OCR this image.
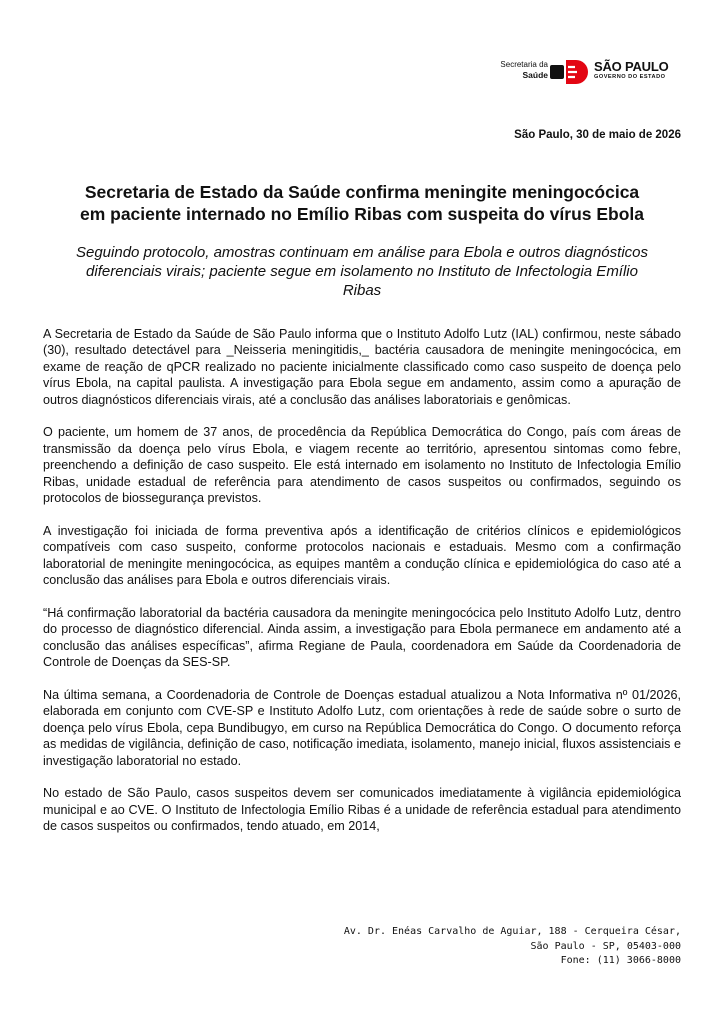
Secretaria da
Saúde
SÃO PAULO
GOVERNO DO ESTADO
São Paulo, 30 de maio de 2026
Secretaria de Estado da Saúde confirma meningite meningocócica
em paciente internado no Emílio Ribas com suspeita do vírus Ebola
Seguindo protocolo, amostras continuam em análise para Ebola e outros diagnósticos diferenciais virais; paciente segue em isolamento no Instituto de Infectologia Emílio Ribas

A Secretaria de Estado da Saúde de São Paulo informa que o Instituto Adolfo Lutz (IAL) confirmou, neste sábado (30), resultado detectável para _Neisseria meningitidis,_ bactéria causadora de meningite meningocócica, em exame de reação de qPCR realizado no paciente inicialmente classificado como caso suspeito de doença pelo vírus Ebola, na capital paulista. A investigação para Ebola segue em andamento, assim como a apuração de outros diagnósticos diferenciais virais, até a conclusão das análises laboratoriais e genômicas.

O paciente, um homem de 37 anos, de procedência da República Democrática do Congo, país com áreas de transmissão da doença pelo vírus Ebola, e viagem recente ao território, apresentou sintomas como febre, preenchendo a definição de caso suspeito. Ele está internado em isolamento no Instituto de Infectologia Emílio Ribas, unidade estadual de referência para atendimento de casos suspeitos ou confirmados, seguindo os protocolos de biossegurança previstos.

A investigação foi iniciada de forma preventiva após a identificação de critérios clínicos e epidemiológicos compatíveis com caso suspeito, conforme protocolos nacionais e estaduais. Mesmo com a confirmação laboratorial de meningite meningocócica, as equipes mantêm a condução clínica e epidemiológica do caso até a conclusão das análises para Ebola e outros diferenciais virais.

“Há confirmação laboratorial da bactéria causadora da meningite meningocócica pelo Instituto Adolfo Lutz, dentro do processo de diagnóstico diferencial. Ainda assim, a investigação para Ebola permanece em andamento até a conclusão das análises específicas”, afirma Regiane de Paula, coordenadora em Saúde da Coordenadoria de Controle de Doenças da SES-SP.

Na última semana, a Coordenadoria de Controle de Doenças estadual atualizou a Nota Informativa nº 01/2026, elaborada em conjunto com CVE-SP e Instituto Adolfo Lutz, com orientações à rede de saúde sobre o surto de doença pelo vírus Ebola, cepa Bundibugyo, em curso na República Democrática do Congo. O documento reforça as medidas de vigilância, definição de caso, notificação imediata, isolamento, manejo inicial, fluxos assistenciais e investigação laboratorial no estado.

No estado de São Paulo, casos suspeitos devem ser comunicados imediatamente à vigilância epidemiológica municipal e ao CVE. O Instituto de Infectologia Emílio Ribas é a unidade de referência estadual para atendimento de casos suspeitos ou confirmados, tendo atuado, em 2014,

Av. Dr. Enéas Carvalho de Aguiar, 188 - Cerqueira César,
São Paulo - SP, 05403-000
Fone: (11) 3066-8000
